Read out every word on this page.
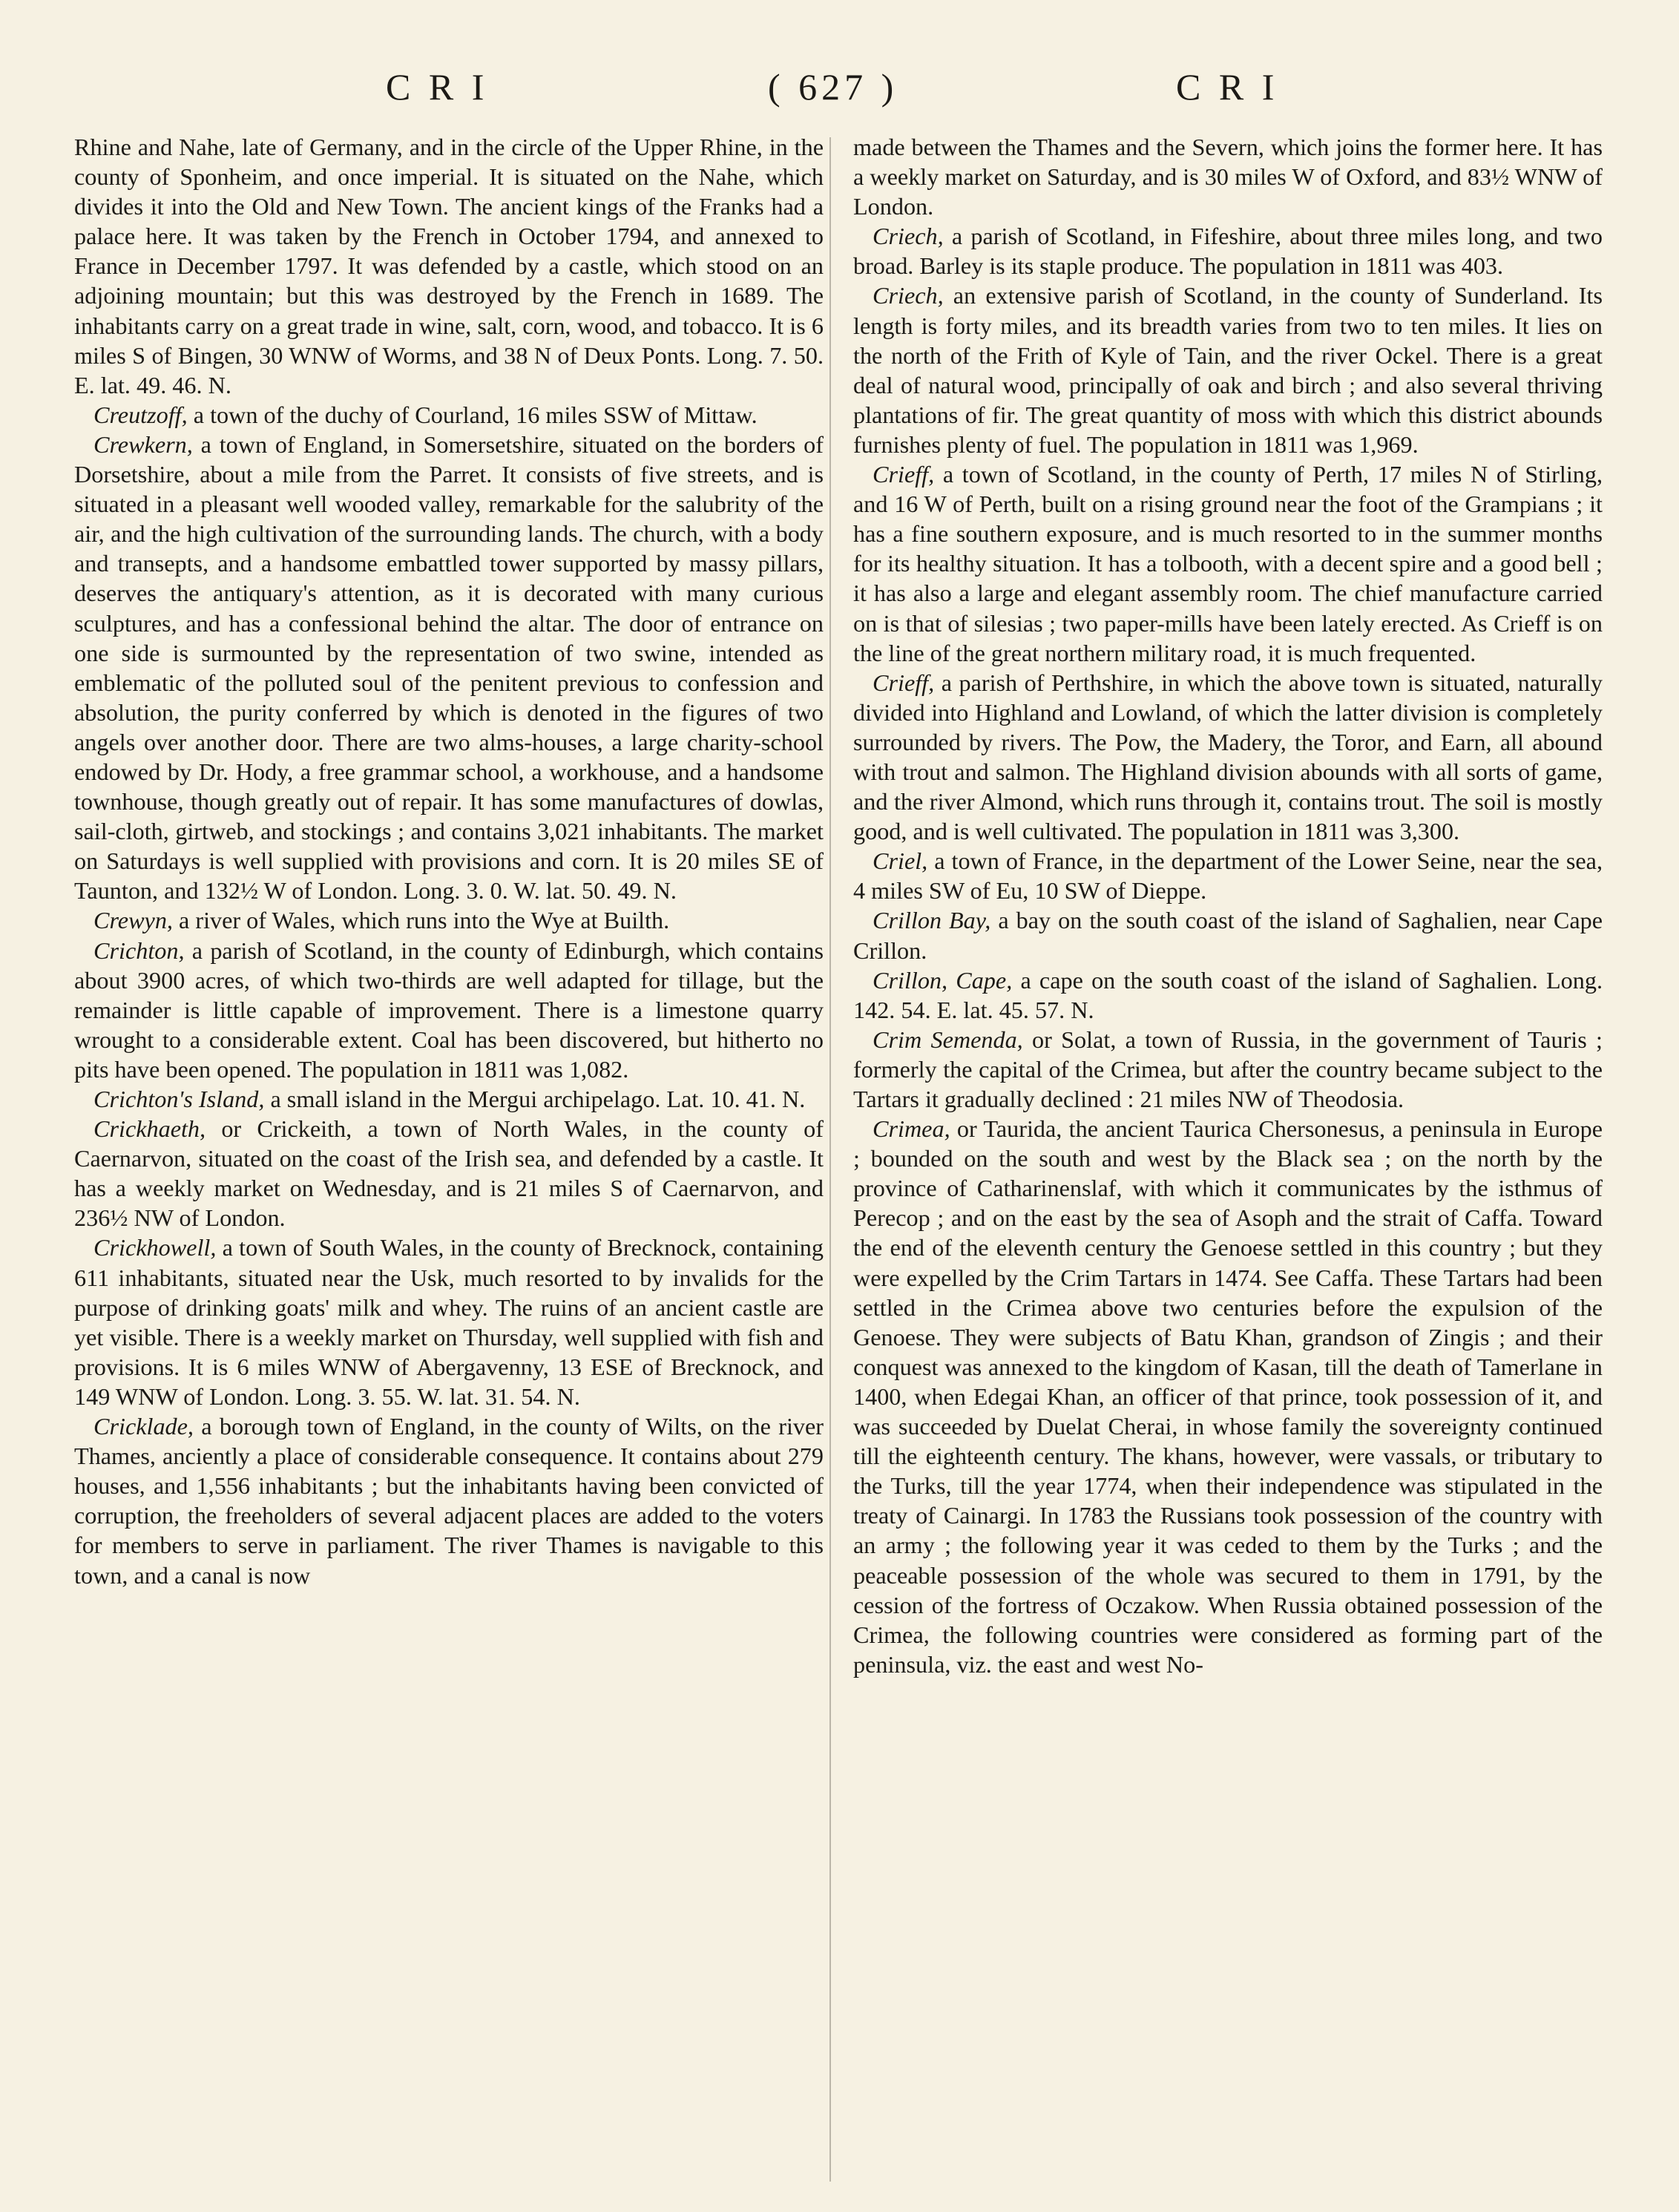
C R I	( 627 )	C R I

Rhine and Nahe, late of Germany, and in the circle of the Upper Rhine, in the county of Sponheim, and once imperial. It is situated on the Nahe, which divides it into the Old and New Town. The ancient kings of the Franks had a palace here. It was taken by the French in October 1794, and annexed to France in December 1797. It was defended by a castle, which stood on an adjoining mountain; but this was destroyed by the French in 1689. The inhabitants carry on a great trade in wine, salt, corn, wood, and tobacco. It is 6 miles S of Bingen, 30 WNW of Worms, and 38 N of Deux Ponts. Long. 7. 50. E. lat. 49. 46. N.

Creutzoff, a town of the duchy of Courland, 16 miles SSW of Mittaw.

Crewkern, a town of England, in Somersetshire, situated on the borders of Dorsetshire, about a mile from the Parret. It consists of five streets, and is situated in a pleasant well wooded valley, remarkable for the salubrity of the air, and the high cultivation of the surrounding lands. The church, with a body and transepts, and a handsome embattled tower supported by massy pillars, deserves the antiquary's attention, as it is decorated with many curious sculptures, and has a confessional behind the altar. The door of entrance on one side is surmounted by the representation of two swine, intended as emblematic of the polluted soul of the penitent previous to confession and absolution, the purity conferred by which is denoted in the figures of two angels over another door. There are two alms-houses, a large charity-school endowed by Dr. Hody, a free grammar school, a workhouse, and a handsome townhouse, though greatly out of repair. It has some manufactures of dowlas, sail-cloth, girtweb, and stockings ; and contains 3,021 inhabitants. The market on Saturdays is well supplied with provisions and corn. It is 20 miles SE of Taunton, and 132½ W of London. Long. 3. 0. W. lat. 50. 49. N.

Crewyn, a river of Wales, which runs into the Wye at Builth.

Crichton, a parish of Scotland, in the county of Edinburgh, which contains about 3900 acres, of which two-thirds are well adapted for tillage, but the remainder is little capable of improvement. There is a limestone quarry wrought to a considerable extent. Coal has been discovered, but hitherto no pits have been opened. The population in 1811 was 1,082.

Crichton's Island, a small island in the Mergui archipelago. Lat. 10. 41. N.

Crickhaeth, or Crickeith, a town of North Wales, in the county of Caernarvon, situated on the coast of the Irish sea, and defended by a castle. It has a weekly market on Wednesday, and is 21 miles S of Caernarvon, and 236½ NW of London.

Crickhowell, a town of South Wales, in the county of Brecknock, containing 611 inhabitants, situated near the Usk, much resorted to by invalids for the purpose of drinking goats' milk and whey. The ruins of an ancient castle are yet visible. There is a weekly market on Thursday, well supplied with fish and provisions. It is 6 miles WNW of Abergavenny, 13 ESE of Brecknock, and 149 WNW of London. Long. 3. 55. W. lat. 31. 54. N.

Cricklade, a borough town of England, in the county of Wilts, on the river Thames, anciently a place of considerable consequence. It contains about 279 houses, and 1,556 inhabitants ; but the inhabitants having been convicted of corruption, the freeholders of several adjacent places are added to the voters for members to serve in parliament. The river Thames is navigable to this town, and a canal is now

made between the Thames and the Severn, which joins the former here. It has a weekly market on Saturday, and is 30 miles W of Oxford, and 83½ WNW of London.

Criech, a parish of Scotland, in Fifeshire, about three miles long, and two broad. Barley is its staple produce. The population in 1811 was 403.

Criech, an extensive parish of Scotland, in the county of Sunderland. Its length is forty miles, and its breadth varies from two to ten miles. It lies on the north of the Frith of Kyle of Tain, and the river Ockel. There is a great deal of natural wood, principally of oak and birch ; and also several thriving plantations of fir. The great quantity of moss with which this district abounds furnishes plenty of fuel. The population in 1811 was 1,969.

Crieff, a town of Scotland, in the county of Perth, 17 miles N of Stirling, and 16 W of Perth, built on a rising ground near the foot of the Grampians ; it has a fine southern exposure, and is much resorted to in the summer months for its healthy situation. It has a tolbooth, with a decent spire and a good bell ; it has also a large and elegant assembly room. The chief manufacture carried on is that of silesias ; two paper-mills have been lately erected. As Crieff is on the line of the great northern military road, it is much frequented.

Crieff, a parish of Perthshire, in which the above town is situated, naturally divided into Highland and Lowland, of which the latter division is completely surrounded by rivers. The Pow, the Madery, the Toror, and Earn, all abound with trout and salmon. The Highland division abounds with all sorts of game, and the river Almond, which runs through it, contains trout. The soil is mostly good, and is well cultivated. The population in 1811 was 3,300.

Criel, a town of France, in the department of the Lower Seine, near the sea, 4 miles SW of Eu, 10 SW of Dieppe.

Crillon Bay, a bay on the south coast of the island of Saghalien, near Cape Crillon.

Crillon, Cape, a cape on the south coast of the island of Saghalien. Long. 142. 54. E. lat. 45. 57. N.

Crim Semenda, or Solat, a town of Russia, in the government of Tauris ; formerly the capital of the Crimea, but after the country became subject to the Tartars it gradually declined : 21 miles NW of Theodosia.

Crimea, or Taurida, the ancient Taurica Chersonesus, a peninsula in Europe ; bounded on the south and west by the Black sea ; on the north by the province of Catharinenslaf, with which it communicates by the isthmus of Perecop ; and on the east by the sea of Asoph and the strait of Caffa. Toward the end of the eleventh century the Genoese settled in this country ; but they were expelled by the Crim Tartars in 1474. See Caffa. These Tartars had been settled in the Crimea above two centuries before the expulsion of the Genoese. They were subjects of Batu Khan, grandson of Zingis ; and their conquest was annexed to the kingdom of Kasan, till the death of Tamerlane in 1400, when Edegai Khan, an officer of that prince, took possession of it, and was succeeded by Duelat Cherai, in whose family the sovereignty continued till the eighteenth century. The khans, however, were vassals, or tributary to the Turks, till the year 1774, when their independence was stipulated in the treaty of Cainargi. In 1783 the Russians took possession of the country with an army ; the following year it was ceded to them by the Turks ; and the peaceable possession of the whole was secured to them in 1791, by the cession of the fortress of Oczakow. When Russia obtained possession of the Crimea, the following countries were considered as forming part of the peninsula, viz. the east and west No-
